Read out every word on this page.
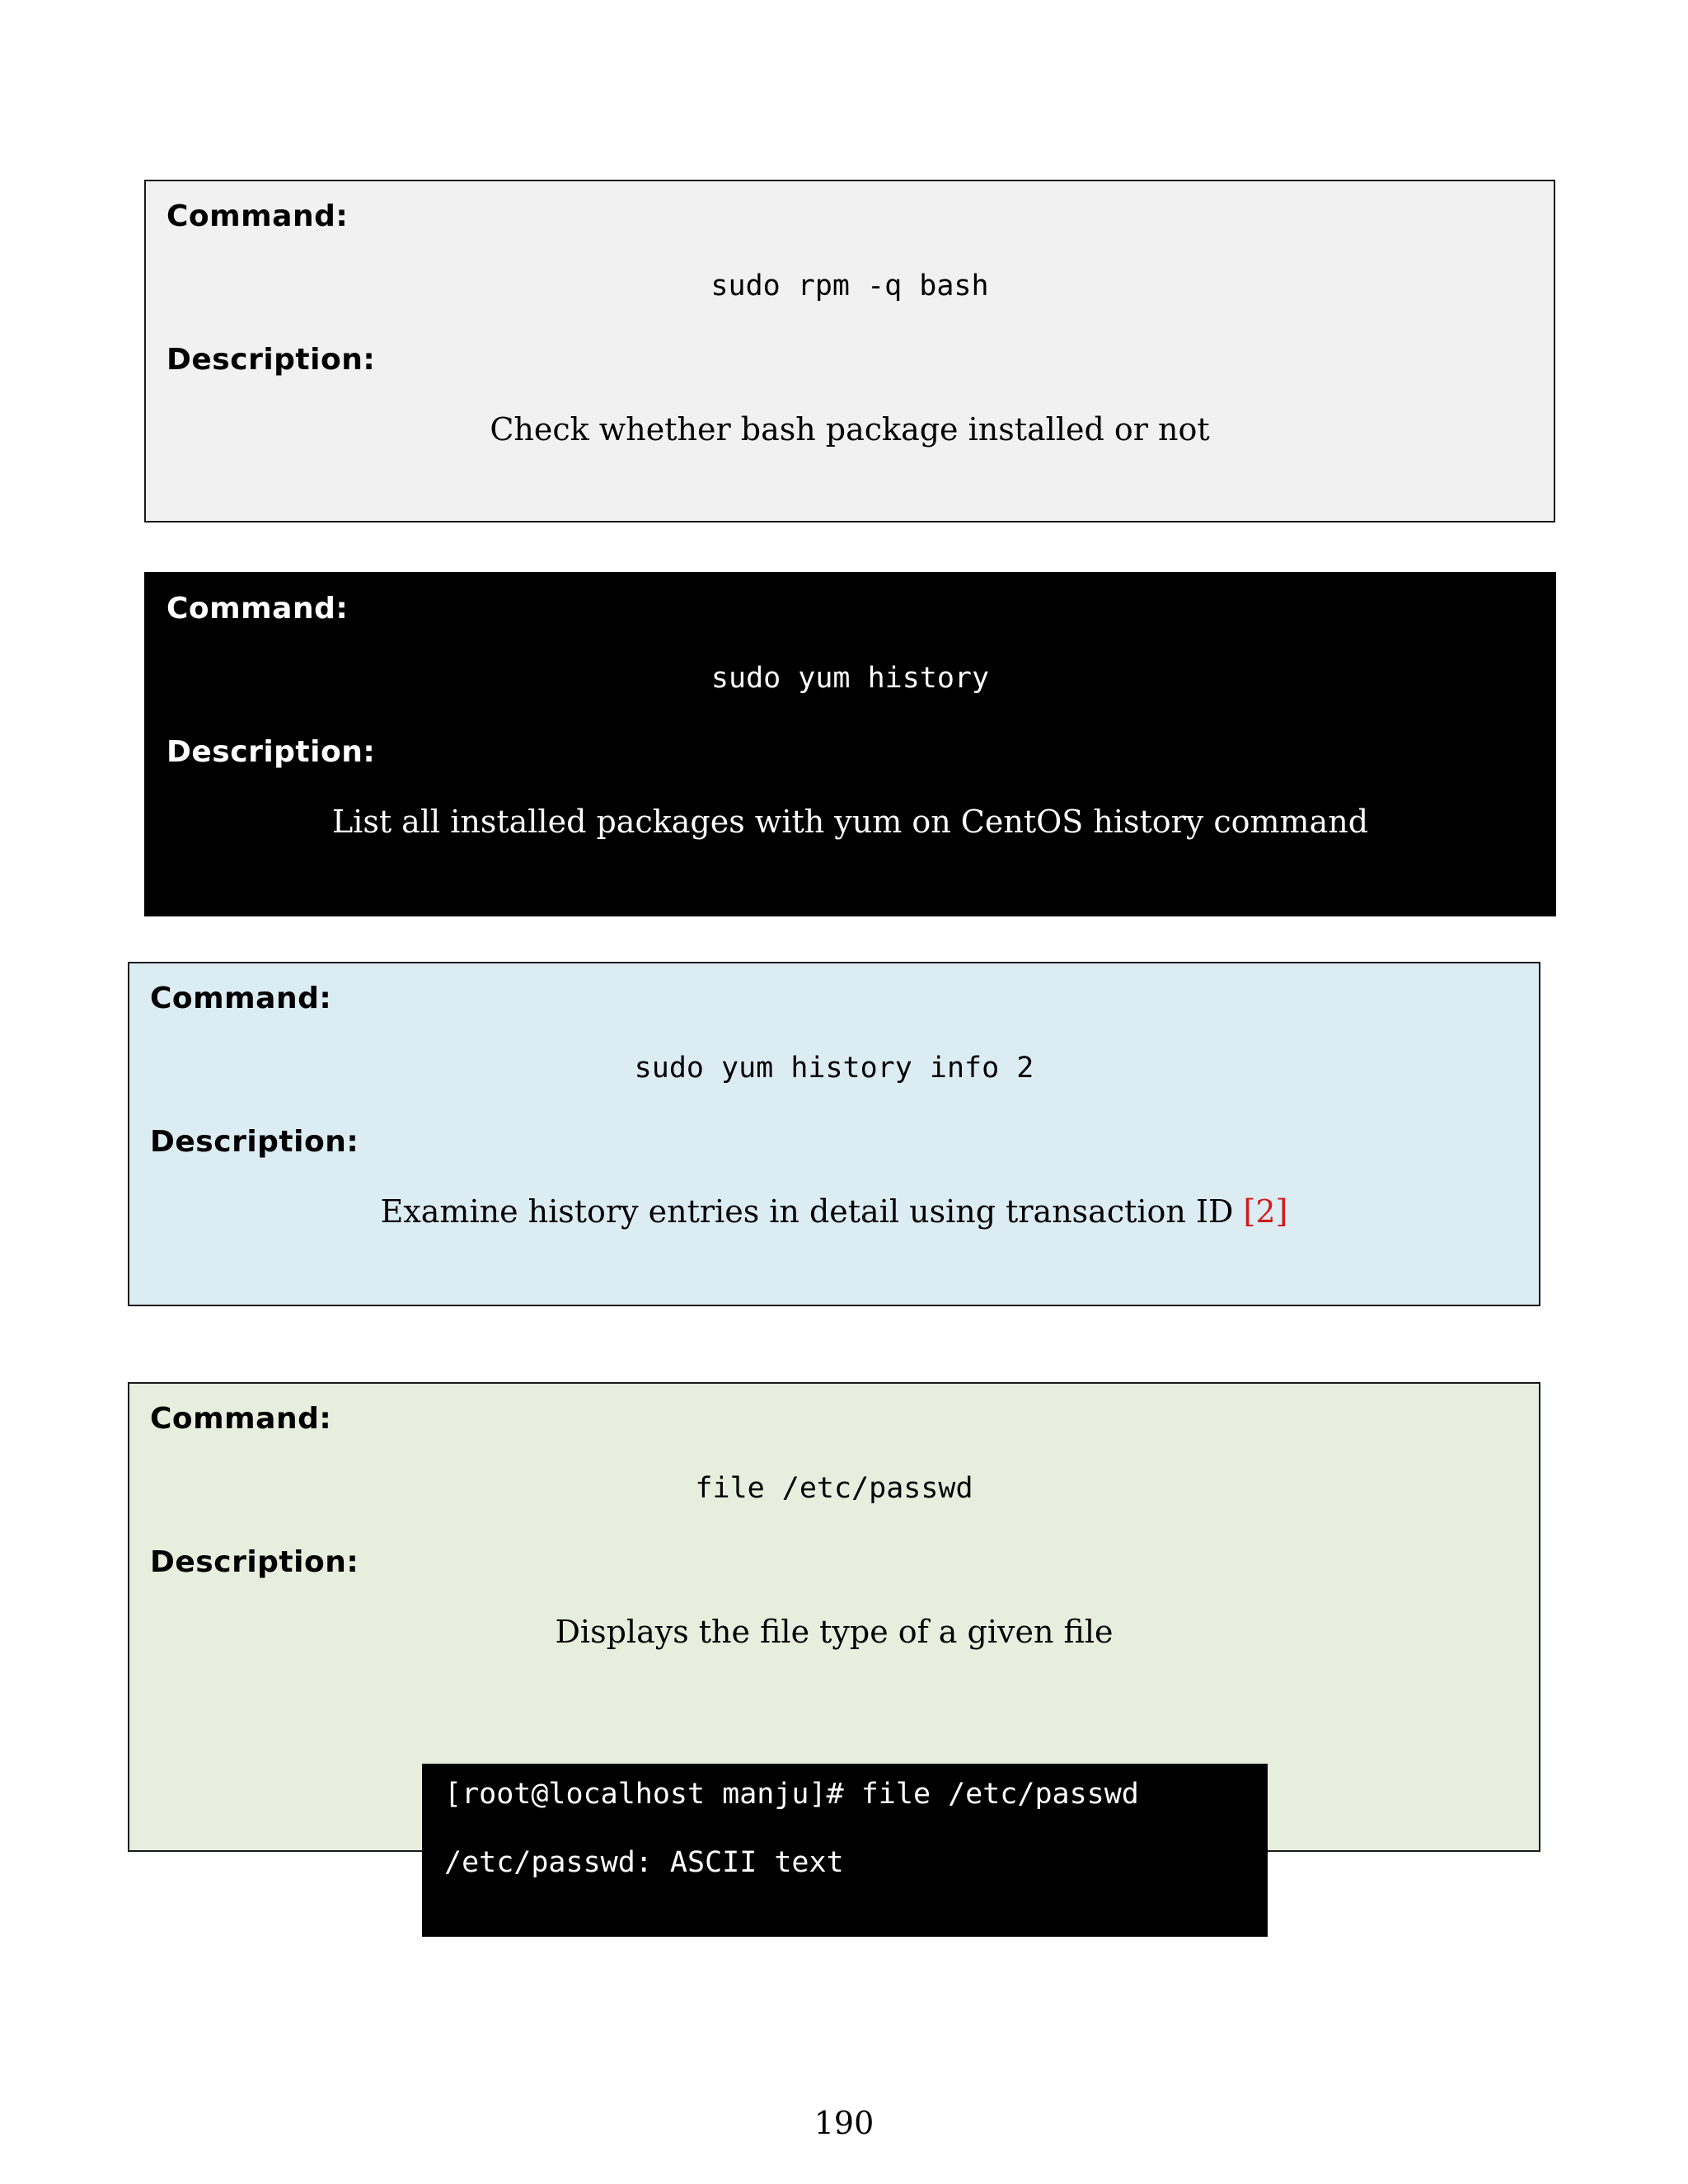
Command:
sudo rpm -q bash
Description:
Check whether bash package installed or not
Command:
sudo yum history
Description:
List all installed packages with yum on CentOS history command
Command:
sudo yum history info 2
Description:
Examine history entries in detail using transaction ID [2]
Command:
file /etc/passwd
Description:
Displays the file type of a given file
[root@localhost manju]# file /etc/passwd
/etc/passwd: ASCII text
190
